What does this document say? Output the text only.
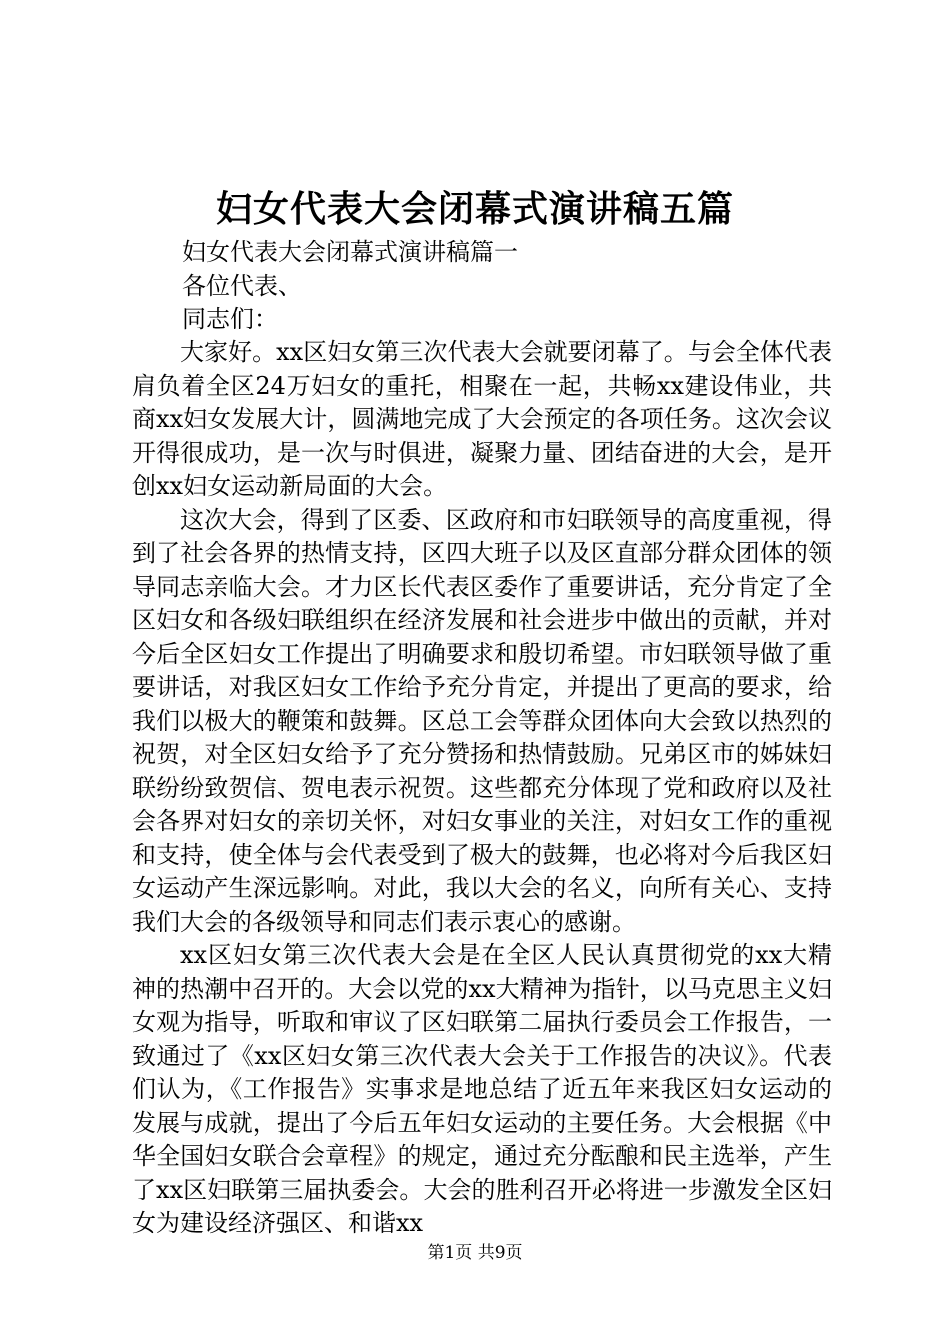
妇女代表大会闭幕式演讲稿五篇
妇女代表大会闭幕式演讲稿篇一
各位代表、
同志们：

大家好。xx区妇女第三次代表大会就要闭幕了。与会全体代表肩负着全区24万妇女的重托，相聚在一起，共畅xx建设伟业，共商xx妇女发展大计，圆满地完成了大会预定的各项任务。这次会议开得很成功，是一次与时俱进，凝聚力量、团结奋进的大会，是开创xx妇女运动新局面的大会。

这次大会，得到了区委、区政府和市妇联领导的高度重视，得到了社会各界的热情支持，区四大班子以及区直部分群众团体的领导同志亲临大会。才力区长代表区委作了重要讲话，充分肯定了全区妇女和各级妇联组织在经济发展和社会进步中做出的贡献，并对今后全区妇女工作提出了明确要求和殷切希望。市妇联领导做了重要讲话，对我区妇女工作给予充分肯定，并提出了更高的要求，给我们以极大的鞭策和鼓舞。区总工会等群众团体向大会致以热烈的祝贺，对全区妇女给予了充分赞扬和热情鼓励。兄弟区市的姊妹妇联纷纷致贺信、贺电表示祝贺。这些都充分体现了党和政府以及社会各界对妇女的亲切关怀，对妇女事业的关注，对妇女工作的重视和支持，使全体与会代表受到了极大的鼓舞，也必将对今后我区妇女运动产生深远影响。对此，我以大会的名义，向所有关心、支持我们大会的各级领导和同志们表示衷心的感谢。

xx区妇女第三次代表大会是在全区人民认真贯彻党的xx大精神的热潮中召开的。大会以党的xx大精神为指针，以马克思主义妇女观为指导，听取和审议了区妇联第二届执行委员会工作报告，一致通过了《xx区妇女第三次代表大会关于工作报告的决议》。代表们认为，《工作报告》实事求是地总结了近五年来我区妇女运动的发展与成就，提出了今后五年妇女运动的主要任务。大会根据《中华全国妇女联合会章程》的规定，通过充分酝酿和民主选举，产生了xx区妇联第三届执委会。大会的胜利召开必将进一步激发全区妇女为建设经济强区、和谐xx

第1页 共9页
